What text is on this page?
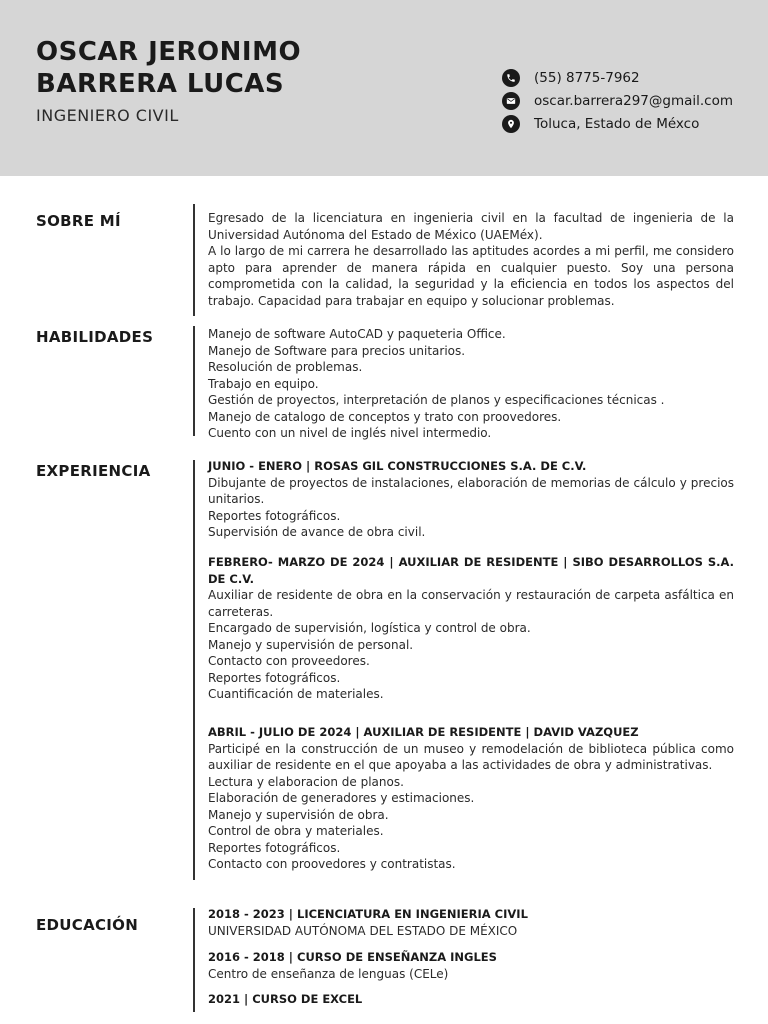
OSCAR JERONIMO
BARRERA LUCAS
INGENIERO CIVIL
(55) 8775-7962
oscar.barrera297@gmail.com
Toluca, Estado de Méxco
SOBRE MÍ	Egresado de la licenciatura en ingenieria civil en la facultad de ingenieria de la Universidad Autónoma del Estado de México (UAEMéx).

A lo largo de mi carrera he desarrollado las aptitudes acordes a mi perfil, me considero apto para aprender de manera rápida en cualquier puesto. Soy una persona comprometida con la calidad, la seguridad y la eficiencia en todos los aspectos del trabajo. Capacidad para trabajar en equipo y solucionar problemas.

HABILIDADES	Manejo de software AutoCAD y paqueteria Office.

Manejo de Software para precios unitarios.

Resolución de problemas.

Trabajo en equipo.

Gestión de proyectos, interpretación de planos y especificaciones técnicas .

Manejo de catalogo de conceptos y trato con proovedores.

Cuento con un nivel de inglés nivel intermedio.

EXPERIENCIA	JUNIO - ENERO | ROSAS GIL CONSTRUCCIONES S.A. DE C.V.

Dibujante de proyectos de instalaciones, elaboración de memorias de cálculo y precios unitarios.

Reportes fotográficos.

Supervisión de avance de obra civil.

FEBRERO- MARZO DE 2024 | AUXILIAR DE RESIDENTE | SIBO DESARROLLOS S.A. DE C.V.

Auxiliar de residente de obra en la conservación y restauración de carpeta asfáltica en carreteras.

Encargado de supervisión, logística y control de obra.

Manejo y supervisión de personal.

Contacto con proveedores.

Reportes fotográficos.

Cuantificación de materiales.

ABRIL - JULIO DE 2024 | AUXILIAR DE RESIDENTE | DAVID VAZQUEZ

Participé en la construcción de un museo y remodelación de biblioteca pública como auxiliar de residente en el que apoyaba a las actividades de obra y administrativas.

Lectura y elaboracion de planos.

Elaboración de generadores y estimaciones.

Manejo y supervisión de obra.

Control de obra y materiales.

Reportes fotográficos.

Contacto con proovedores y contratistas.

EDUCACIÓN

2018 - 2023 | LICENCIATURA EN INGENIERIA CIVIL

UNIVERSIDAD AUTÓNOMA DEL ESTADO DE MÉXICO

2016 - 2018 | CURSO DE ENSEÑANZA INGLES

Centro de enseñanza de lenguas (CELe)

2021 | CURSO DE EXCEL
